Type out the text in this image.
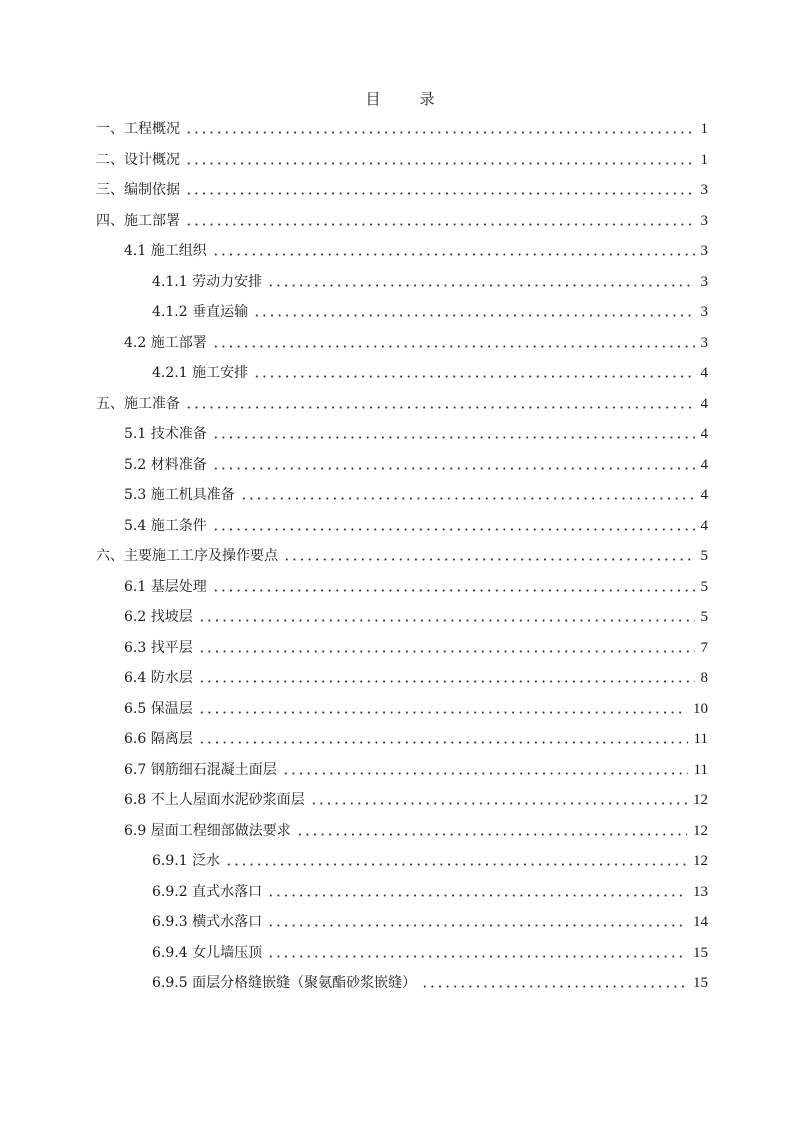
目　录
一、工程概况	1
二、设计概况	1
三、编制依据	3
四、施工部署	3
4.1 施工组织	3
4.1.1 劳动力安排	3
4.1.2 垂直运输	3
4.2 施工部署	3
4.2.1 施工安排	4
五、施工准备	4
5.1 技术准备	4
5.2 材料准备	4
5.3 施工机具准备	4
5.4 施工条件	4
六、主要施工工序及操作要点	5
6.1 基层处理	5
6.2 找坡层	5
6.3 找平层	7
6.4 防水层	8
6.5 保温层	10
6.6 隔离层	11
6.7 钢筋细石混凝土面层	11
6.8 不上人屋面水泥砂浆面层	12
6.9 屋面工程细部做法要求	12
6.9.1 泛水	12
6.9.2 直式水落口	13
6.9.3 横式水落口	14
6.9.4 女儿墙压顶	15
6.9.5 面层分格缝嵌缝（聚氨酯砂浆嵌缝）	15
